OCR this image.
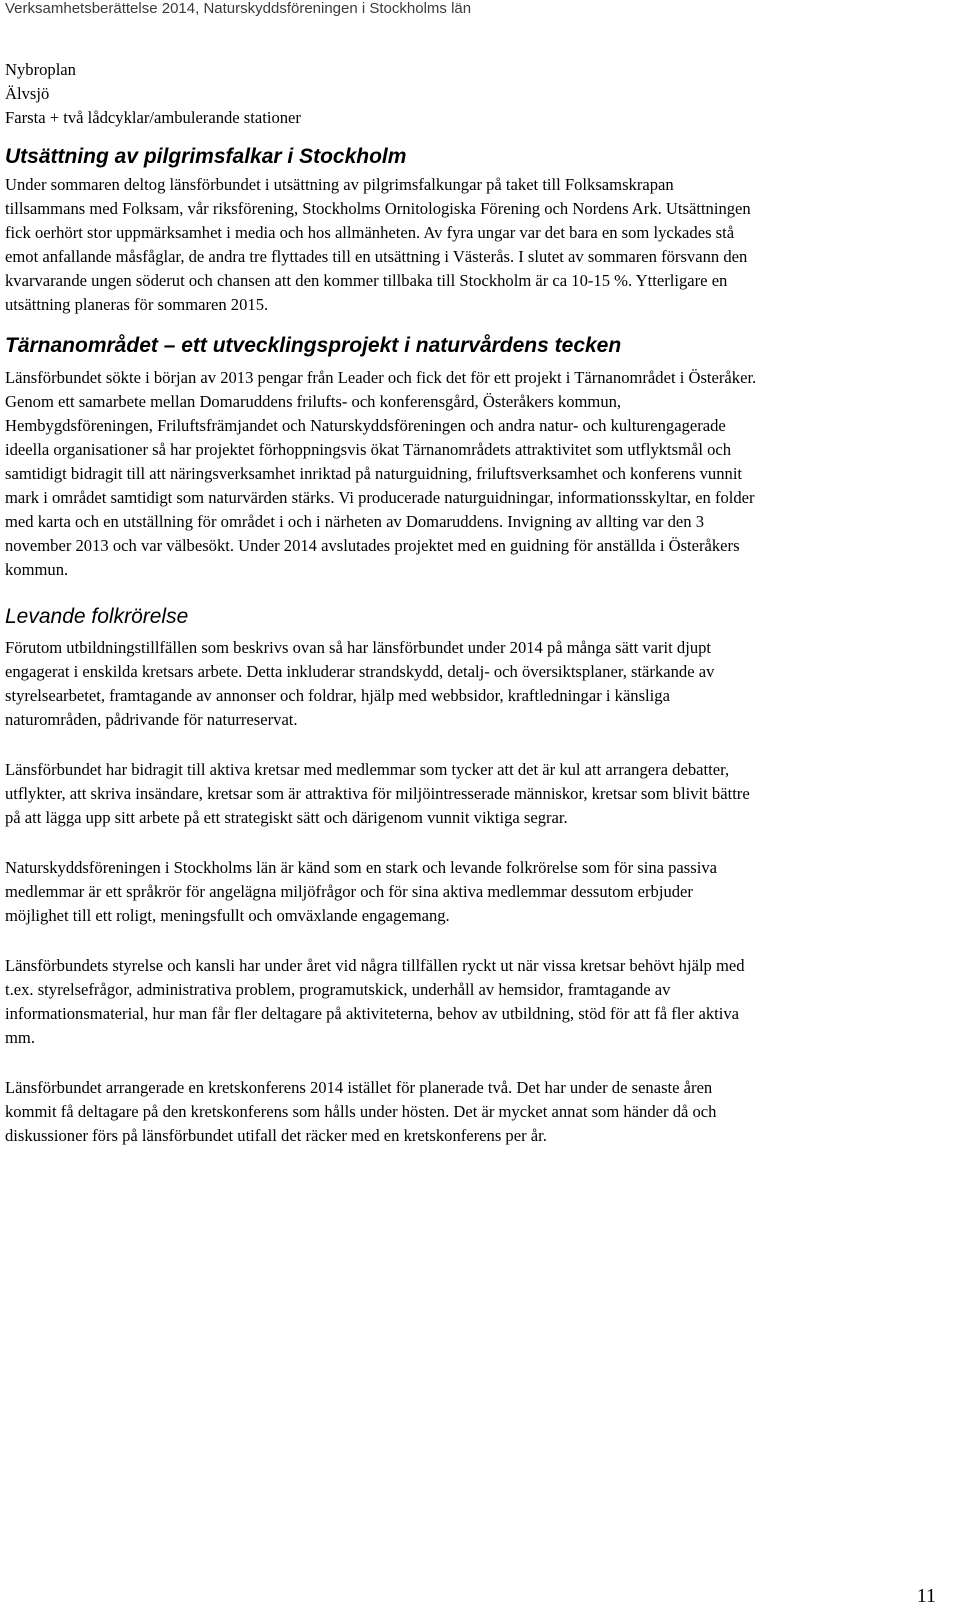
Verksamhetsberättelse 2014, Naturskyddsföreningen i Stockholms län
Nybroplan
Älvsjö
Farsta + två lådcyklar/ambulerande stationer
Utsättning av pilgrimsfalkar i Stockholm
Under sommaren deltog länsförbundet i utsättning av pilgrimsfalkungar på taket till Folksamskrapan
tillsammans med Folksam, vår riksförening, Stockholms Ornitologiska Förening och Nordens Ark. Utsättningen
fick oerhört stor uppmärksamhet i media och hos allmänheten. Av fyra ungar var det bara en som lyckades stå
emot anfallande måsfåglar, de andra tre flyttades till en utsättning i Västerås. I slutet av sommaren försvann den
kvarvarande ungen söderut och chansen att den kommer tillbaka till Stockholm är ca 10-15 %. Ytterligare en
utsättning planeras för sommaren 2015.
Tärnanområdet – ett utvecklingsprojekt i naturvårdens tecken
Länsförbundet sökte i början av 2013 pengar från Leader och fick det för ett projekt i Tärnanområdet i Österåker.
Genom ett samarbete mellan Domaruddens frilufts- och konferensgård, Österåkers kommun,
Hembygdsföreningen, Friluftsfrämjandet och Naturskyddsföreningen och andra natur- och kulturengagerade
ideella organisationer så har projektet förhoppningsvis ökat Tärnanområdets attraktivitet som utflyktsmål och
samtidigt bidragit till att näringsverksamhet inriktad på naturguidning, friluftsverksamhet och konferens vunnit
mark i området samtidigt som naturvärden stärks. Vi producerade naturguidningar, informationsskyltar, en folder
med karta och en utställning för området i och i närheten av Domaruddens. Invigning av allting var den 3
november 2013 och var välbesökt. Under 2014 avslutades projektet med en guidning för anställda i Österåkers
kommun.
Levande folkrörelse
Förutom utbildningstillfällen som beskrivs ovan så har länsförbundet under 2014 på många sätt varit djupt
engagerat i enskilda kretsars arbete. Detta inkluderar strandskydd, detalj- och översiktsplaner, stärkande av
styrelsearbetet, framtagande av annonser och foldrar, hjälp med webbsidor, kraftledningar i känsliga
naturområden, pådrivande för naturreservat.
Länsförbundet har bidragit till aktiva kretsar med medlemmar som tycker att det är kul att arrangera debatter,
utflykter, att skriva insändare, kretsar som är attraktiva för miljöintresserade människor, kretsar som blivit bättre
på att lägga upp sitt arbete på ett strategiskt sätt och därigenom vunnit viktiga segrar.
Naturskyddsföreningen i Stockholms län är känd som en stark och levande folkrörelse som för sina passiva
medlemmar är ett språkrör för angelägna miljöfrågor och för sina aktiva medlemmar dessutom erbjuder
möjlighet till ett roligt, meningsfullt och omväxlande engagemang.
Länsförbundets styrelse och kansli har under året vid några tillfällen ryckt ut när vissa kretsar behövt hjälp med
t.ex. styrelsefrågor, administrativa problem, programutskick, underhåll av hemsidor, framtagande av
informationsmaterial, hur man får fler deltagare på aktiviteterna, behov av utbildning, stöd för att få fler aktiva
mm.
Länsförbundet arrangerade en kretskonferens 2014 istället för planerade två. Det har under de senaste åren
kommit få deltagare på den kretskonferens som hålls under hösten. Det är mycket annat som händer då och
diskussioner förs på länsförbundet utifall det räcker med en kretskonferens per år.
11
